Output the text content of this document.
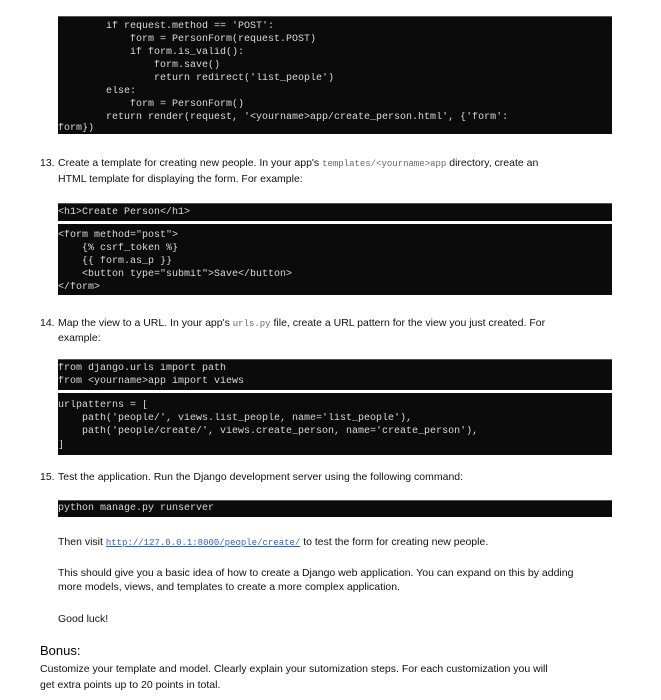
if request.method == 'POST':
form = PersonForm(request.POST)
if form.is_valid():
form.save()
return redirect('list_people')
else:
form = PersonForm()
return render(request, '<yourname>app/create_person.html', {'form':
form})
13. Create a template for creating new people. In your app's templates/<yourname>app directory, create an
HTML template for displaying the form. For example:
<h1>Create Person</h1>
<form method="post">
{% csrf_token %}
{{ form.as_p }}
<button type="submit">Save</button>
</form>
14. Map the view to a URL. In your app's urls.py file, create a URL pattern for the view you just created. For
example:
from django.urls import path
from <yourname>app import views
urlpatterns = [
path('people/', views.list_people, name='list_people'),
path('people/create/', views.create_person, name='create_person'),
]
15. Test the application. Run the Django development server using the following command:
python manage.py runserver
Then visit http://127.0.0.1:8000/people/create/ to test the form for creating new people.
This should give you a basic idea of how to create a Django web application. You can expand on this by adding
more models, views, and templates to create a more complex application.
Good luck!
Bonus:
Customize your template and model. Clearly explain your sutomization steps. For each customization you will
get extra points up to 20 points in total.
